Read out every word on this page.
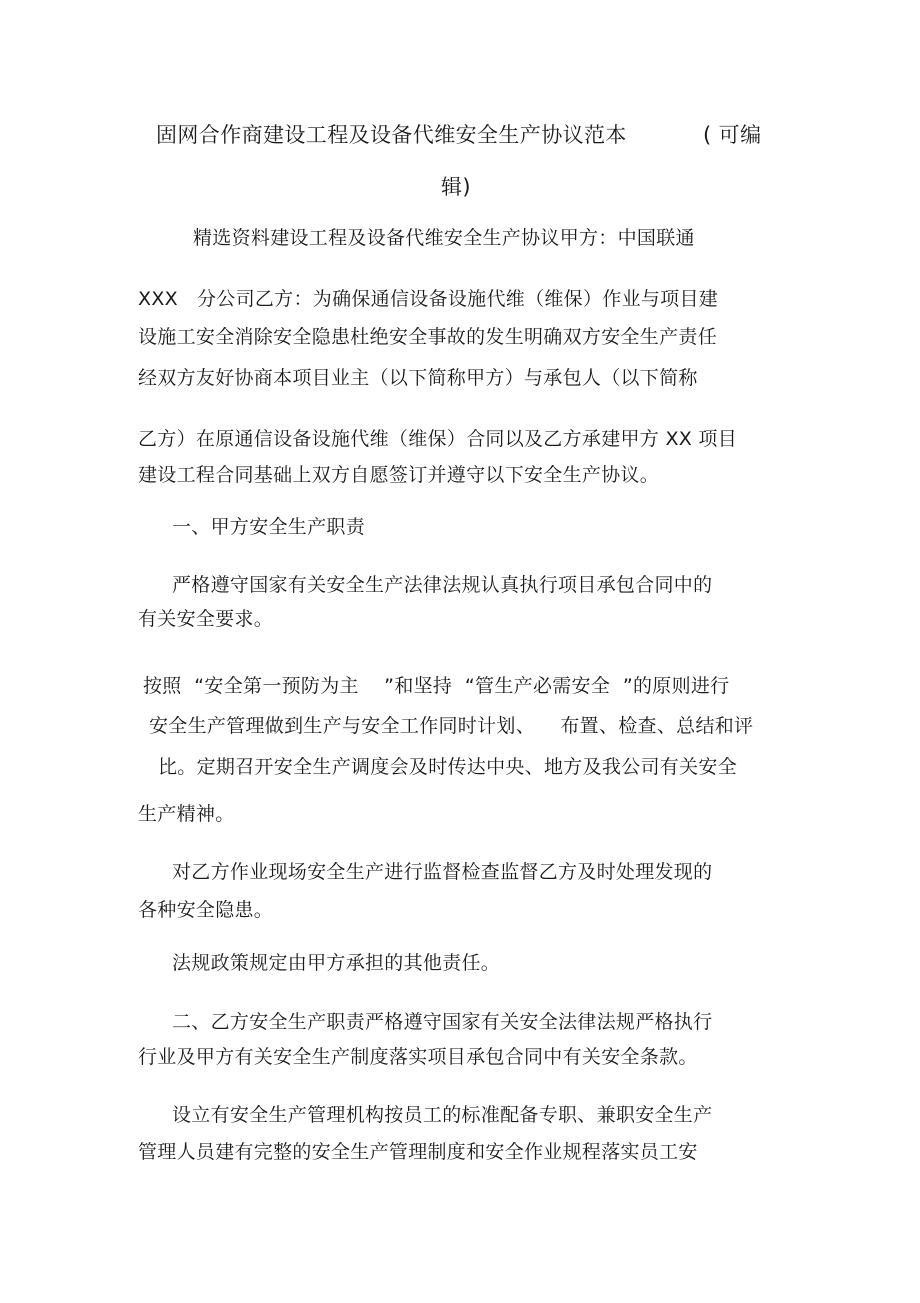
固网合作商建设工程及设备代维安全生产协议范本	( 可编
辑)
精选资料建设工程及设备代维安全生产协议甲方：中国联通
XXX   分公司乙方：为确保通信设备设施代维（维保）作业与项目建
设施工安全消除安全隐患杜绝安全事故的发生明确双方安全生产责任
经双方友好协商本项目业主（以下简称甲方）与承包人（以下简称
乙方）在原通信设备设施代维（维保）合同以及乙方承建甲方 XX 项目
建设工程合同基础上双方自愿签订并遵守以下安全生产协议。
一、甲方安全生产职责
严格遵守国家有关安全生产法律法规认真执行项目承包合同中的
有关安全要求。
按照  “安全第一预防为主    ”和坚持  “管生产必需安全  ”的原则进行
安全生产管理做到生产与安全工作同时计划、    布置、检查、总结和评
比。定期召开安全生产调度会及时传达中央、地方及我公司有关安全
生产精神。
对乙方作业现场安全生产进行监督检查监督乙方及时处理发现的
各种安全隐患。
法规政策规定由甲方承担的其他责任。
二、乙方安全生产职责严格遵守国家有关安全法律法规严格执行
行业及甲方有关安全生产制度落实项目承包合同中有关安全条款。
设立有安全生产管理机构按员工的标准配备专职、兼职安全生产
管理人员建有完整的安全生产管理制度和安全作业规程落实员工安
